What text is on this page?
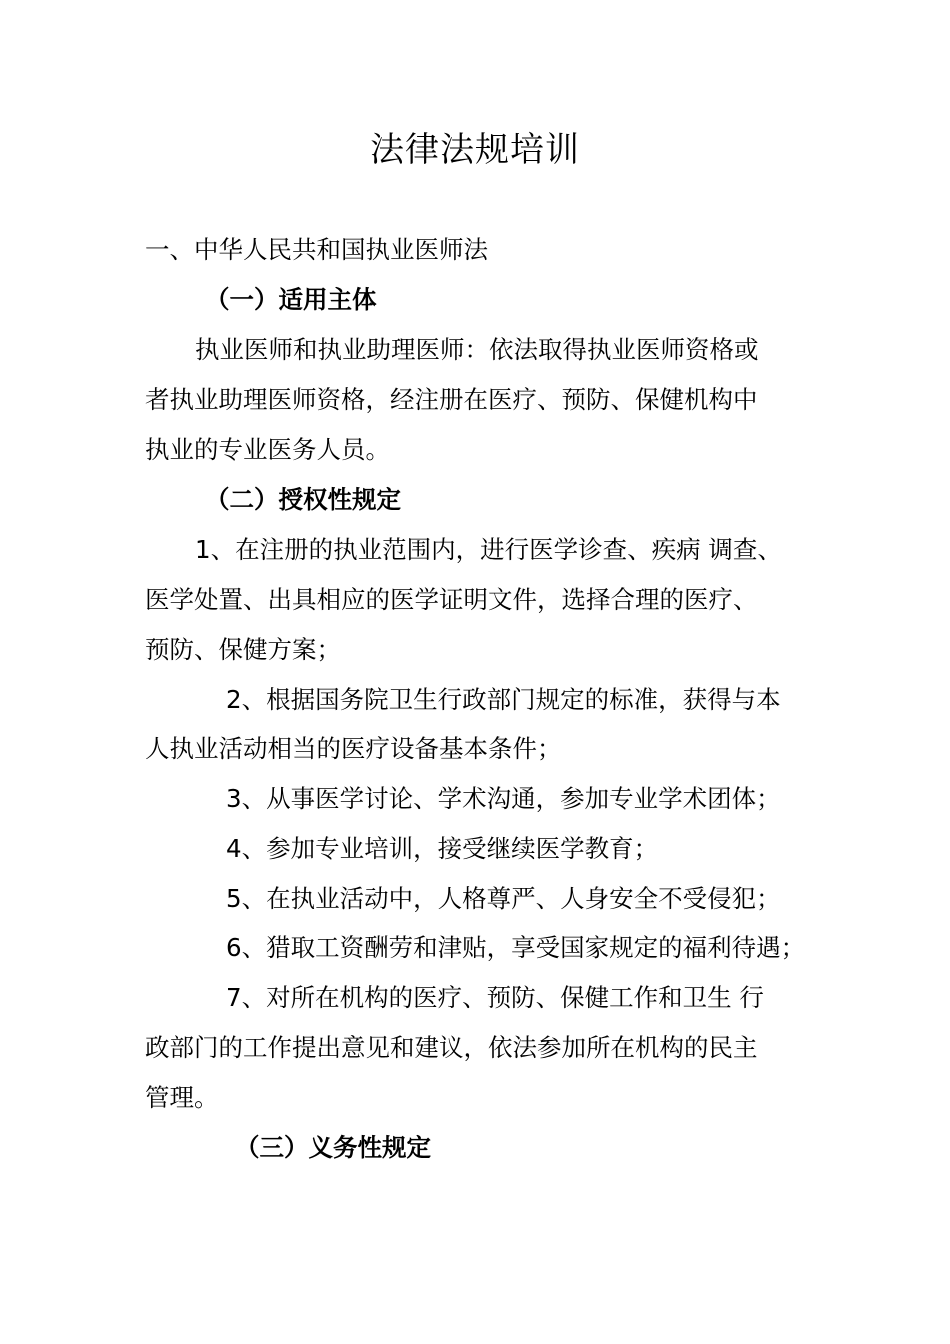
法律法规培训
一、中华人民共和国执业医师法
（一）适用主体
执业医师和执业助理医师：依法取得执业医师资格或
者执业助理医师资格，经注册在医疗、预防、保健机构中
执业的专业医务人员。
（二）授权性规定
1、在注册的执业范围内，进行医学诊查、疾病 调查、
医学处置、出具相应的医学证明文件，选择合理的医疗、
预防、保健方案；
2、根据国务院卫生行政部门规定的标准，获得与本
人执业活动相当的医疗设备基本条件；
3、从事医学讨论、学术沟通，参加专业学术团体；
4、参加专业培训，接受继续医学教育；
5、在执业活动中，人格尊严、人身安全不受侵犯；
6、猎取工资酬劳和津贴，享受国家规定的福利待遇；
7、对所在机构的医疗、预防、保健工作和卫生 行
政部门的工作提出意见和建议，依法参加所在机构的民主
管理。
（三）义务性规定
